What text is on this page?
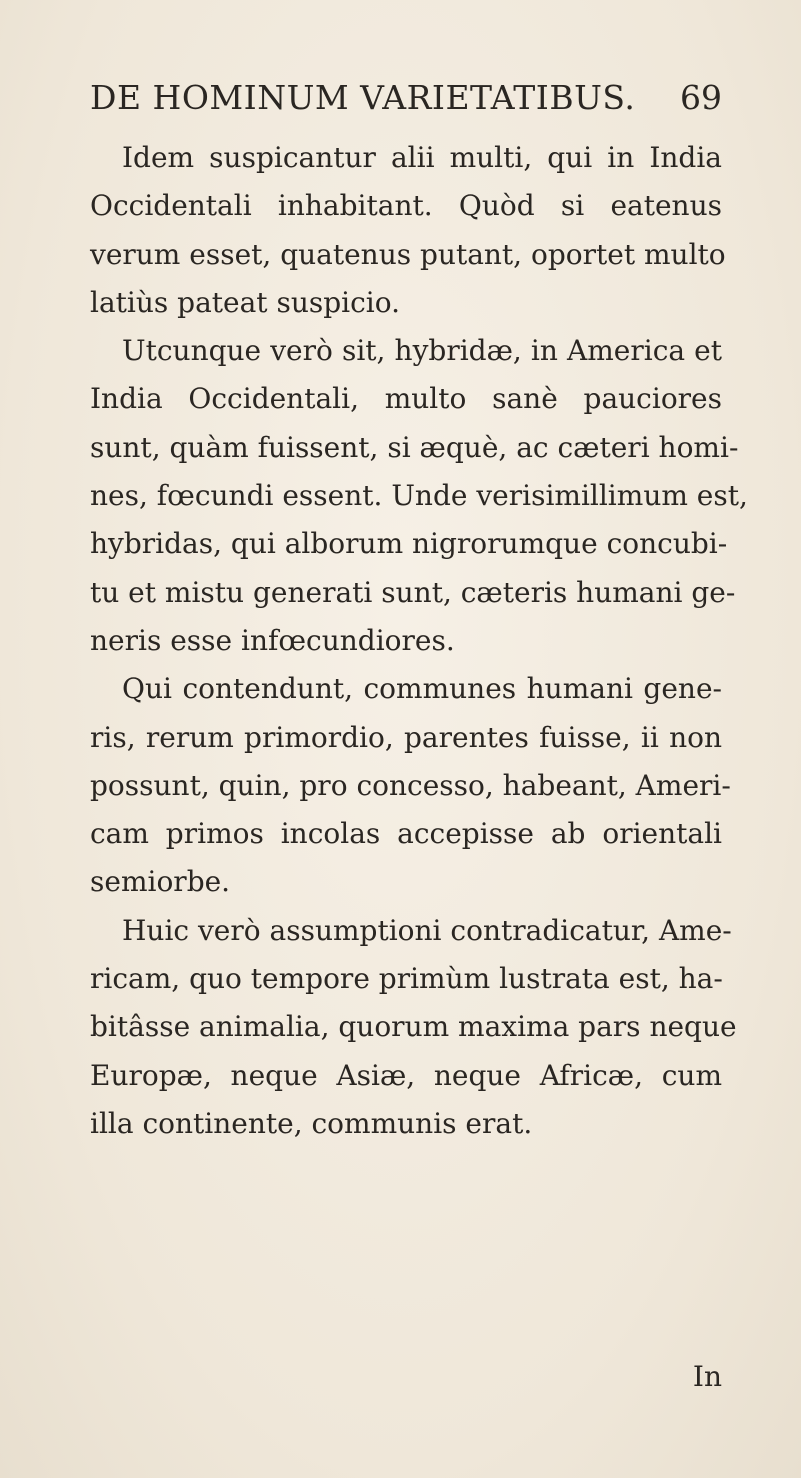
DE HOMINUM VARIETATIBUS. 69
Idem suspicantur alii multi, qui in India
Occidentali inhabitant. Quòd si eatenus
verum esset, quatenus putant, oportet multo
latiùs pateat suspicio.
Utcunque verò sit, hybridæ, in America et
India Occidentali, multo sanè pauciores
sunt, quàm fuissent, si æquè, ac cæteri homi-
nes, fœcundi essent. Unde verisimillimum est,
hybridas, qui alborum nigrorumque concubi-
tu et mistu generati sunt, cæteris humani ge-
neris esse infœcundiores.
Qui contendunt, communes humani gene-
ris, rerum primordio, parentes fuisse, ii non
possunt, quin, pro concesso, habeant, Ameri-
cam primos incolas accepisse ab orientali
semiorbe.
Huic verò assumptioni contradicatur, Ame-
ricam, quo tempore primùm lustrata est, ha-
bitâsse animalia, quorum maxima pars neque
Europæ, neque Asiæ, neque Africæ, cum
illa continente, communis erat.
In
